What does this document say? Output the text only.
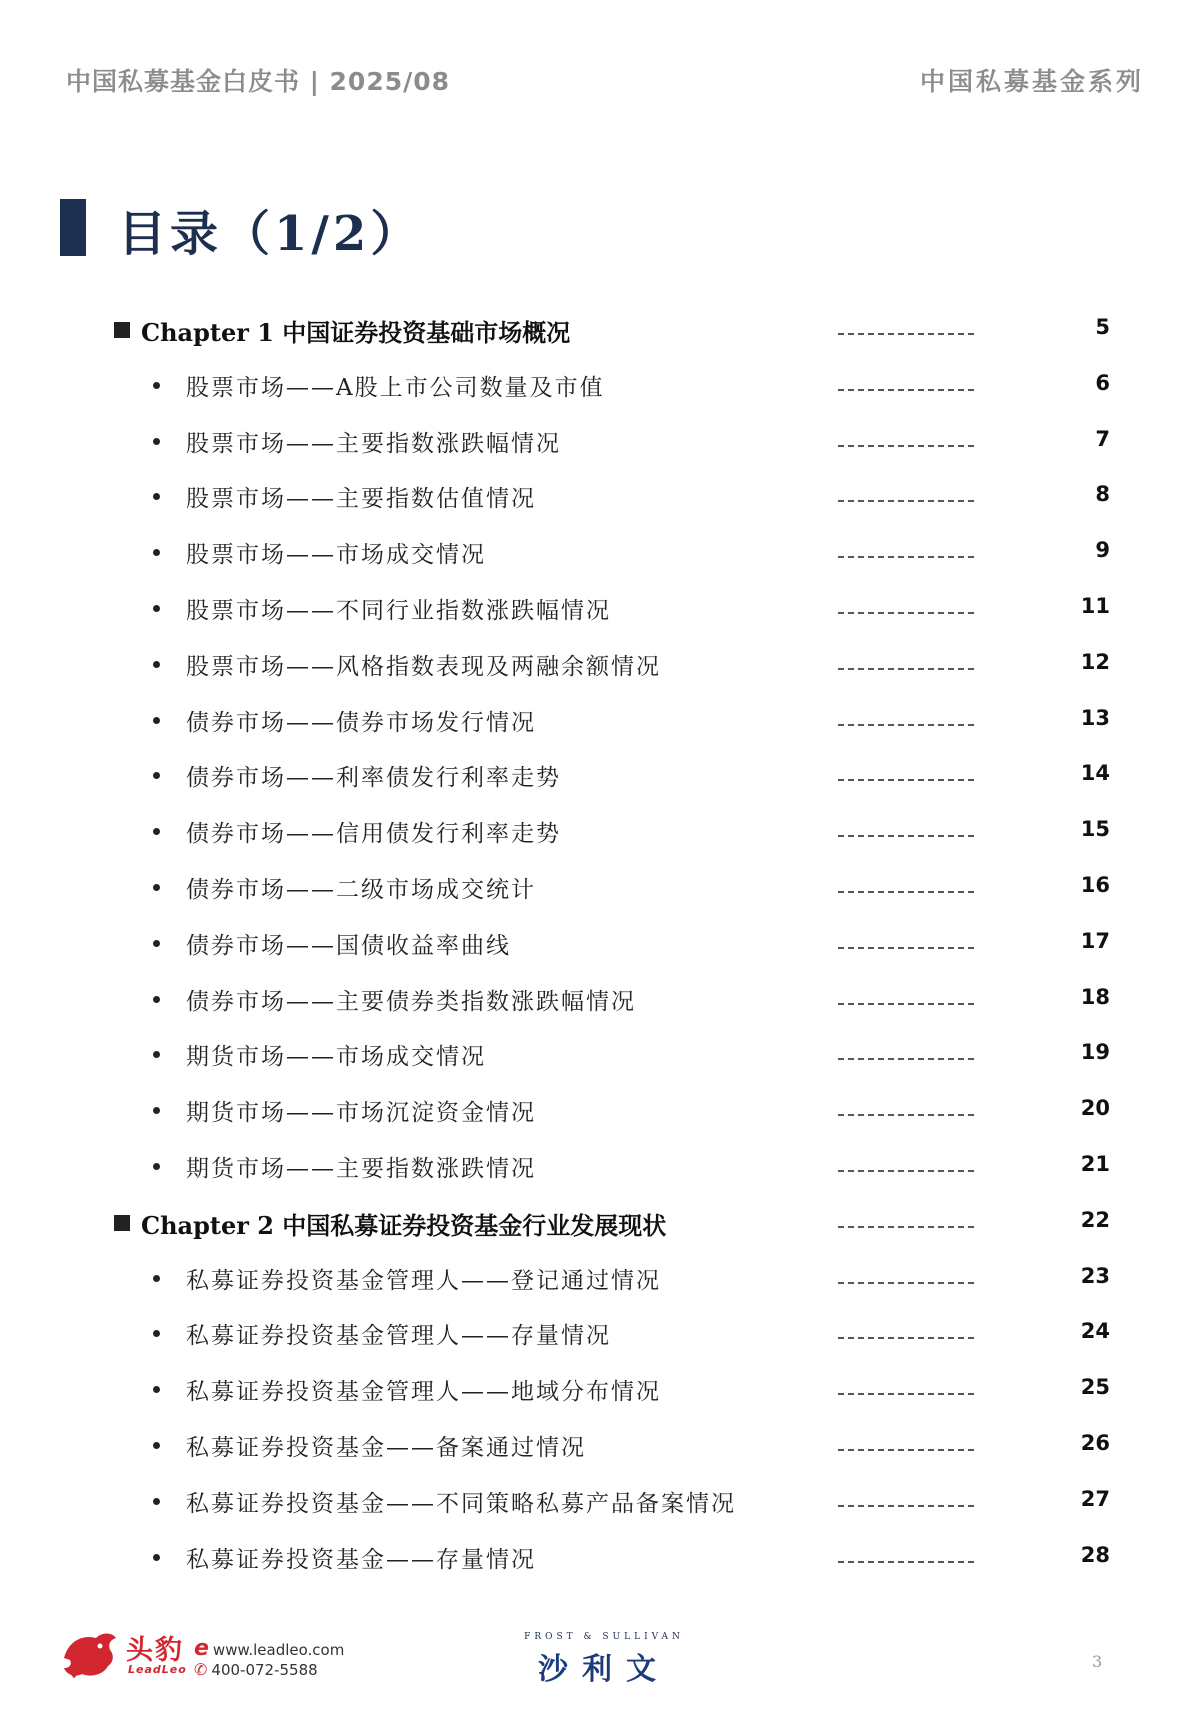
中国私募基金白皮书 | 2025/08	中国私募基金系列
目录（1/2）
Chapter 1 中国证券投资基础市场概况	5
股票市场——A股上市公司数量及市值	6
股票市场——主要指数涨跌幅情况	7
股票市场——主要指数估值情况	8
股票市场——市场成交情况	9
股票市场——不同行业指数涨跌幅情况	11
股票市场——风格指数表现及两融余额情况	12
债券市场——债券市场发行情况	13
债券市场——利率债发行利率走势	14
债券市场——信用债发行利率走势	15
债券市场——二级市场成交统计	16
债券市场——国债收益率曲线	17
债券市场——主要债券类指数涨跌幅情况	18
期货市场——市场成交情况	19
期货市场——市场沉淀资金情况	20
期货市场——主要指数涨跌情况	21
Chapter 2 中国私募证券投资基金行业发展现状	22
私募证券投资基金管理人——登记通过情况	23
私募证券投资基金管理人——存量情况	24
私募证券投资基金管理人——地域分布情况	25
私募证券投资基金——备案通过情况	26
私募证券投资基金——不同策略私募产品备案情况	27
私募证券投资基金——存量情况	28
头豹
LeadLeo
e www.leadleo.com
✆ 400-072-5588
FROST & SULLIVAN
沙利文	3
